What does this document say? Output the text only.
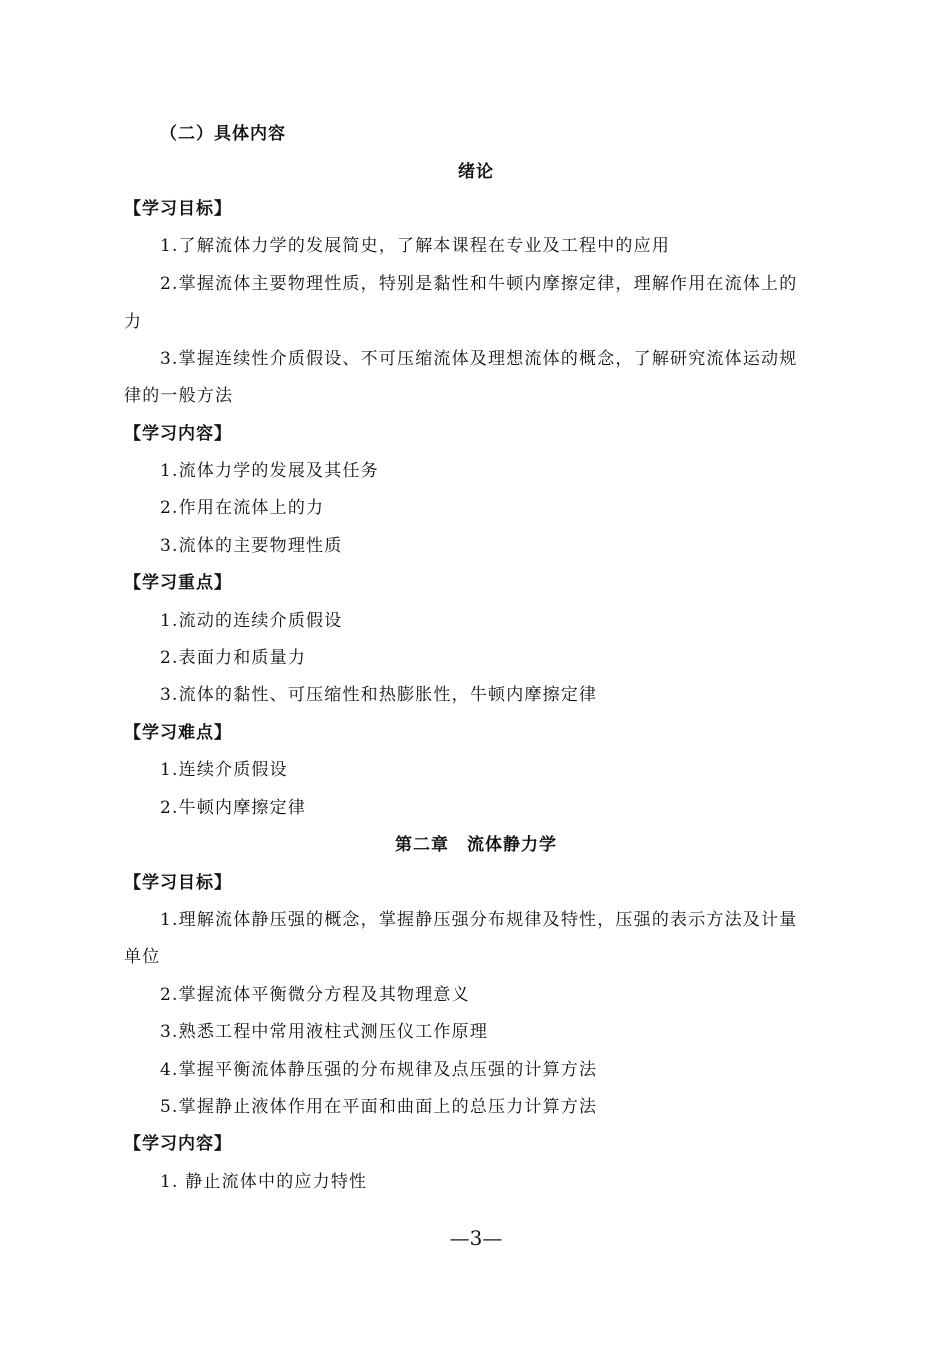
（二）具体内容
绪论
【学习目标】
1.了解流体力学的发展简史，了解本课程在专业及工程中的应用
2.掌握流体主要物理性质，特别是黏性和牛顿内摩擦定律，理解作用在流体上的
力
3.掌握连续性介质假设、不可压缩流体及理想流体的概念，了解研究流体运动规
律的一般方法
【学习内容】
1.流体力学的发展及其任务
2.作用在流体上的力
3.流体的主要物理性质
【学习重点】
1.流动的连续介质假设
2.表面力和质量力
3.流体的黏性、可压缩性和热膨胀性，牛顿内摩擦定律
【学习难点】
1.连续介质假设
2.牛顿内摩擦定律
第二章　流体静力学
【学习目标】
1.理解流体静压强的概念，掌握静压强分布规律及特性，压强的表示方法及计量
单位
2.掌握流体平衡微分方程及其物理意义
3.熟悉工程中常用液柱式测压仪工作原理
4.掌握平衡流体静压强的分布规律及点压强的计算方法
5.掌握静止液体作用在平面和曲面上的总压力计算方法
【学习内容】
1. 静止流体中的应力特性
—3—
